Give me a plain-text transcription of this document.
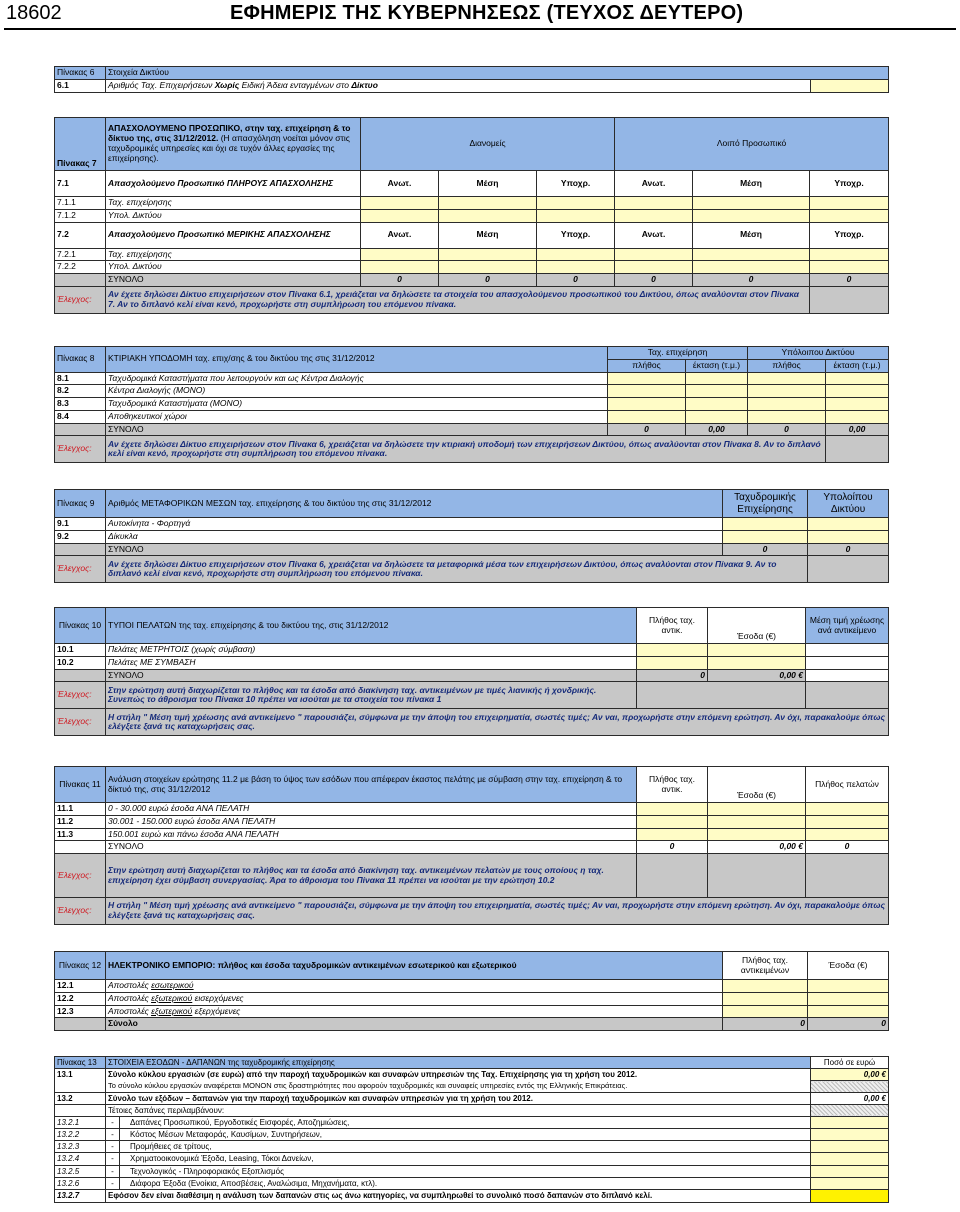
18602	ΕΦΗΜΕΡΙΣ ΤΗΣ ΚΥΒΕΡΝΗΣΕΩΣ (ΤΕΥΧΟΣ ΔΕΥΤΕΡΟ)
Πίνακας 6	Στοιχεία Δικτύου	
6.1	Αριθμός Ταχ. Επιχειρήσεων Χωρίς Ειδική Άδεια ενταγμένων στο Δίκτυο	
Πίνακας 7	ΑΠΑΣΧΟΛΟΥΜΕΝΟ ΠΡΟΣΩΠΙΚΟ, στην ταχ. επιχείρηση & το δίκτυο της, στις 31/12/2012. (Η απασχόληση νοείται μόνον στις ταχυδρομικές υπηρεσίες και όχι σε τυχόν άλλες εργασίες της επιχείρησης).	Διανομείς			Λοιπό Προσωπικό		
7.1	Απασχολούμενο Προσωπικό ΠΛΗΡΟΥΣ ΑΠΑΣΧΟΛΗΣΗΣ	Ανωτ.	Μέση	Υποχρ.	Ανωτ.	Μέση	Υποχρ.
7.1.1	Ταχ. επιχείρησης						
7.1.2	Υπολ. Δικτύου						
7.2	Απασχολούμενο Προσωπικό ΜΕΡΙΚΗΣ ΑΠΑΣΧΟΛΗΣΗΣ	Ανωτ.	Μέση	Υποχρ.	Ανωτ.	Μέση	Υποχρ.
7.2.1	Ταχ. επιχείρησης						
7.2.2	Υπολ. Δικτύου						
	ΣΥΝΟΛΟ	0	0	0	0	0	0
Έλεγχος:	Αν έχετε δηλώσει Δίκτυο επιχειρήσεων στον Πίνακα 6.1, χρειάζεται να δηλώσετε τα στοιχεία του απασχολούμενου προσωπικού του Δικτύου, όπως αναλύονται στον Πίνακα 7. Αν το διπλανό κελί είναι κενό, προχωρήστε στη συμπλήρωση του επόμενου πίνακα.						
Πίνακας 8	ΚΤΙΡΙΑΚΗ ΥΠΟΔΟΜΗ ταχ. επιχ/σης & του δικτύου της στις 31/12/2012	Ταχ. επιχείρηση		Υπόλοιπου Δικτύου	
		πλήθος	έκταση (τ.μ.)	πλήθος	έκταση (τ.μ.)
8.1	Ταχυδρομικά Καταστήματα που λειτουργούν και ως Κέντρα Διαλογής				
8.2	Κέντρα Διαλογής (ΜΟΝΟ)				
8.3	Ταχυδρομικά Καταστήματα (ΜΟΝΟ)				
8.4	Αποθηκευτικοί χώροι				
	ΣΥΝΟΛΟ	0	0,00	0	0,00
Έλεγχος:	Αν έχετε δηλώσει Δίκτυο επιχειρήσεων στον Πίνακα 6, χρειάζεται να δηλώσετε την κτιριακή υποδομή των επιχειρήσεων Δικτύου, όπως αναλύονται στον Πίνακα 8. Αν το διπλανό κελί είναι κενό, προχωρήστε στη συμπλήρωση του επόμενου πίνακα.				
Πίνακας 9	Αριθμός ΜΕΤΑΦΟΡΙΚΩΝ ΜΕΣΩΝ ταχ. επιχείρησης & του δικτύου της στις 31/12/2012	Ταχυδρομικής Επιχείρησης	Υπολοίπου Δικτύου
9.1	Αυτοκίνητα - Φορτηγά		
9.2	Δίκυκλα		
	ΣΥΝΟΛΟ	0	0
Έλεγχος:	Αν έχετε δηλώσει Δίκτυο επιχειρήσεων στον Πίνακα 6, χρειάζεται να δηλώσετε τα μεταφορικά μέσα των επιχειρήσεων Δικτύου, όπως αναλύονται στον Πίνακα 9. Αν το διπλανό κελί είναι κενό, προχωρήστε στη συμπλήρωση του επόμενου πίνακα.		
Πίνακας 10	ΤΥΠΟΙ ΠΕΛΑΤΩΝ της ταχ. επιχείρησης & του δικτύου της, στις 31/12/2012	Πλήθος ταχ. αντικ.	Έσοδα (€)	Μέση τιμή χρέωσης ανά αντικείμενο
10.1	Πελάτες ΜΕΤΡΗΤΟΙΣ (χωρίς σύμβαση)			
10.2	Πελάτες ΜΕ ΣΥΜΒΑΣΗ			
	ΣΥΝΟΛΟ	0	0,00 €	
Έλεγχος:	Στην ερώτηση αυτή διαχωρίζεται το πλήθος και τα έσοδα από διακίνηση ταχ. αντικειμένων με τιμές λιανικής ή χονδρικής. Συνεπώς το άθροισμα του Πίνακα 10 πρέπει να ισούται με τα στοιχεία του πίνακα 1			
Έλεγχος:	Η στήλη " Μέση τιμή χρέωσης ανά αντικείμενο " παρουσιάζει, σύμφωνα με την άποψη του επιχειρηματία, σωστές τιμές; Αν ναι, προχωρήστε στην επόμενη ερώτηση. Αν όχι, παρακαλούμε όπως ελέγξετε ξανά τις καταχωρήσεις σας.			
Πίνακας 11	Ανάλυση στοιχείων ερώτησης 11.2 με βάση το ύψος των εσόδων που απέφεραν έκαστος πελάτης με σύμβαση στην ταχ. επιχείρηση & το δίκτυό της, στις 31/12/2012	Πλήθος ταχ. αντικ.	Έσοδα (€)	Πλήθος πελατών
11.1	0 - 30.000 ευρώ έσοδα ΑΝΑ ΠΕΛΑΤΗ			
11.2	30.001 - 150.000 ευρώ έσοδα ΑΝΑ ΠΕΛΑΤΗ			
11.3	150.001 ευρώ και πάνω έσοδα ΑΝΑ ΠΕΛΑΤΗ			
	ΣΥΝΟΛΟ	0	0,00 €	0
Έλεγχος:	Στην ερώτηση αυτή διαχωρίζεται το πλήθος και τα έσοδα από διακίνηση ταχ. αντικειμένων πελατών με τους οποίους η ταχ. επιχείρηση έχει σύμβαση συνεργασίας. Άρα το άθροισμα του Πίνακα 11 πρέπει να ισούται με την ερώτηση 10.2			
Έλεγχος:	Η στήλη " Μέση τιμή χρέωσης ανά αντικείμενο " παρουσιάζει, σύμφωνα με την άποψη του επιχειρηματία, σωστές τιμές; Αν ναι, προχωρήστε στην επόμενη ερώτηση. Αν όχι, παρακαλούμε όπως ελέγξετε ξανά τις καταχωρήσεις σας.			
Πίνακας 12	ΗΛΕΚΤΡΟΝΙΚΟ ΕΜΠΟΡΙΟ: πλήθος και έσοδα ταχυδρομικών αντικειμένων εσωτερικού και εξωτερικού	Πλήθος ταχ. αντικειμένων	Έσοδα (€)
12.1	Αποστολές εσωτερικού		
12.2	Αποστολές εξωτερικού εισερχόμενες		
12.3	Αποστολές εξωτερικού εξερχόμενες		
	Σύνολο	0	0
Πίνακας 13	ΣΤΟΙΧΕΙΑ ΕΣΟΔΩΝ - ΔΑΠΑΝΩΝ της ταχυδρομικής επιχείρησης		Ποσό σε ευρώ
13.1	Σύνολο κύκλου εργασιών (σε ευρώ) από την παροχή ταχυδρομικών και συναφών υπηρεσιών της Ταχ. Επιχείρησης για τη χρήση του 2012.		0,00 €
	Το σύνολο κύκλου εργασιών αναφέρεται ΜΟΝΟΝ στις δραστηριότητες που αφορούν ταχυδρομικές και συναφείς υπηρεσίες εντός της Ελληνικής Επικράτειας.		
13.2	Σύνολο των εξόδων – δαπανών για την παροχή ταχυδρομικών και συναφών υπηρεσιών για τη χρήση του 2012.		0,00 €
	Τέτοιες δαπάνες περιλαμβάνουν:		
13.2.1	-	Δαπάνες Προσωπικού, Εργοδοτικές Εισφορές, Αποζημιώσεις,	
13.2.2	-	Κόστος Μέσων Μεταφοράς, Καυσίμων, Συντηρήσεων,	
13.2.3	-	Προμήθειες σε τρίτους,	
13.2.4	-	Χρηματοοικονομικά Έξοδα, Leasing, Τόκοι Δανείων,	
13.2.5	-	Τεχνολογικός - Πληροφοριακός Εξοπλισμός	
13.2.6	-	Διάφορα Έξοδα (Ενοίκια, Αποσβέσεις, Αναλώσιμα, Μηχανήματα, κτλ).	
13.2.7	Εφόσον δεν είναι διαθέσιμη η ανάλυση των δαπανών στις ως άνω κατηγορίες, να συμπληρωθεί το συνολικό ποσό δαπανών στο διπλανό κελί.		
